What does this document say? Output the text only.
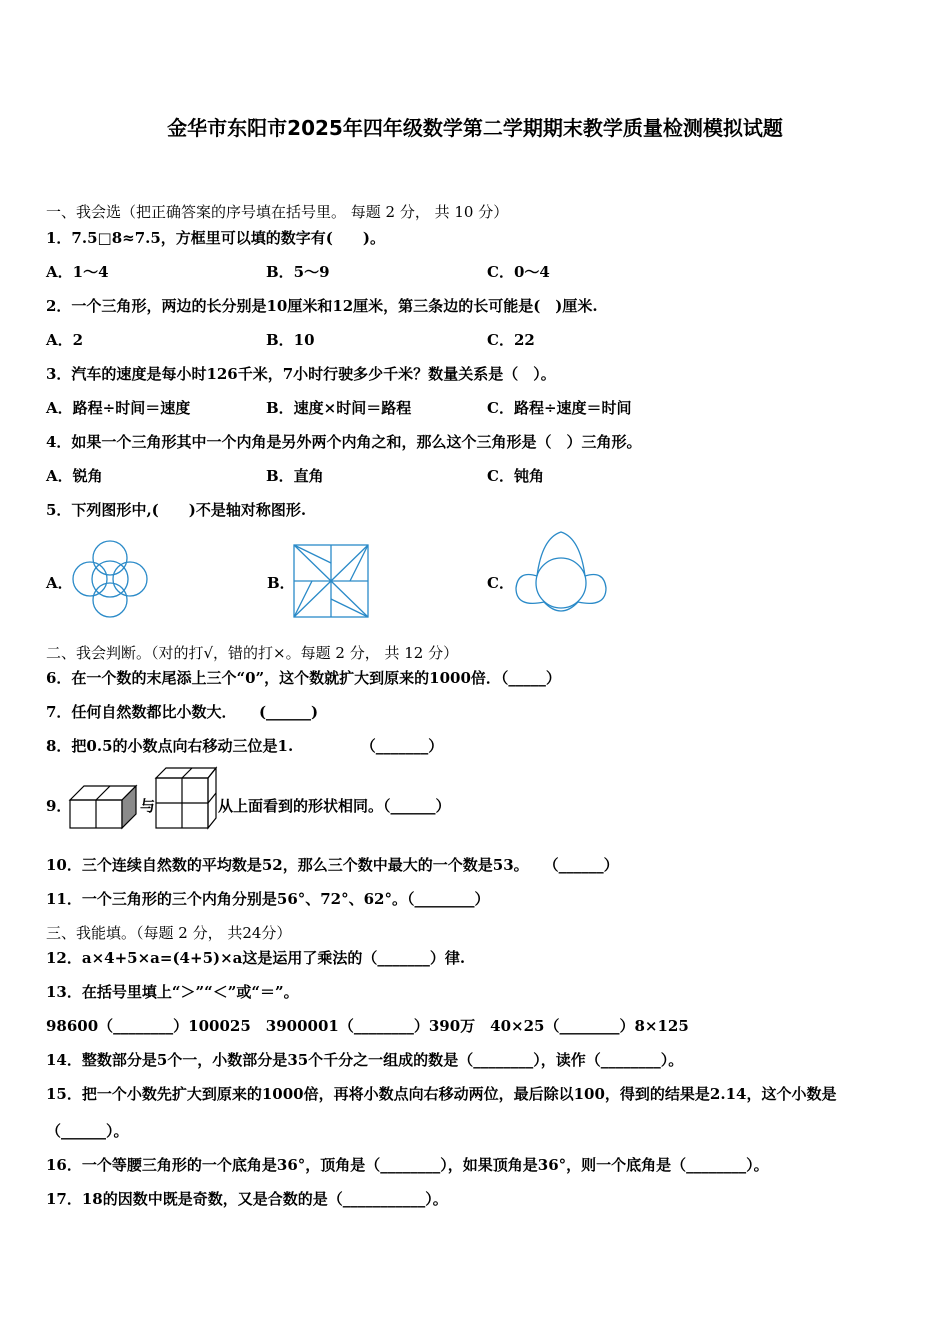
金华市东阳市2025年四年级数学第二学期期末教学质量检测模拟试题
一、我会选（把正确答案的序号填在括号里。 每题 2 分， 共 10 分）
1．7.5□8≈7.5，方框里可以填的数字有(　　)。
A．1～4	B．5～9	C．0～4
2．一个三角形，两边的长分别是10厘米和12厘米，第三条边的长可能是(　)厘米.
A．2	B．10	C．22
3．汽车的速度是每小时126千米，7小时行驶多少千米？数量关系是（　）。
A．路程÷时间＝速度	B．速度×时间＝路程	C．路程÷速度＝时间
4．如果一个三角形其中一个内角是另外两个内角之和，那么这个三角形是（　）三角形。
A．锐角	B．直角	C．钝角
5．下列图形中,(　　)不是轴对称图形.
A．	B．	C．
二、我会判断。（对的打√，错的打×。每题 2 分， 共 12 分）
6．在一个数的末尾添上三个“0”，这个数就扩大到原来的1000倍．（_____）
7．任何自然数都比小数大．　　(______)
8．把0.5的小数点向右移动三位是1.　　　　　（_______）
9．	与	从上面看到的形状相同。（______）
10．三个连续自然数的平均数是52，那么三个数中最大的一个数是53。　　（______）
11．一个三角形的三个内角分别是56°、72°、62°。（________）
三、我能填。（每题 2 分， 共24分）
12．a×4+5×a=(4+5)×a这是运用了乘法的（_______）律.
13．在括号里填上“＞”“＜”或“＝”。
98600（________）100025　3900001（________）390万　40×25（________）8×125
14．整数部分是5个一，小数部分是35个千分之一组成的数是（________），读作（________）。
15．把一个小数先扩大到原来的1000倍，再将小数点向右移动两位，最后除以100，得到的结果是2.14，这个小数是
（______）。
16．一个等腰三角形的一个底角是36°，顶角是（________），如果顶角是36°，则一个底角是（________）。
17．18的因数中既是奇数，又是合数的是（___________）。
